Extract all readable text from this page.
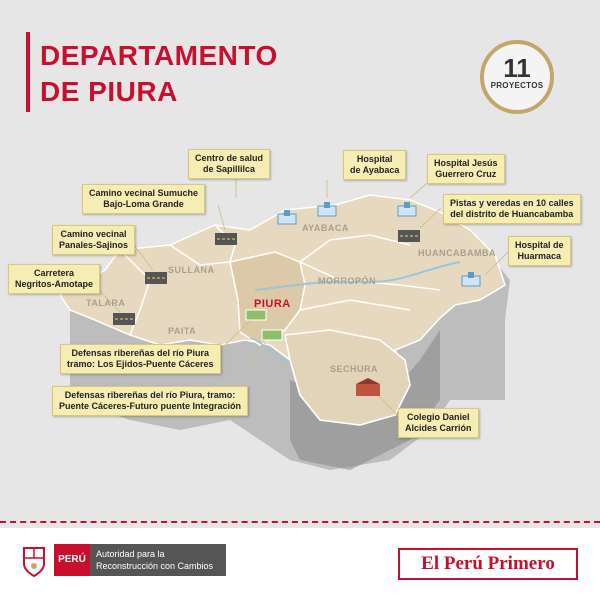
DEPARTAMENTO
DE PIURA
11
PROYECTOS
SULLANA
AYABACA
HUANCABAMBA
MORROPÓN
PIURA
TALARA
PAITA
SECHURA
Centro de salud
de Sapillilca
Hospital
de Ayabaca
Hospital Jesús
Guerrero Cruz
Pistas y veredas en 10 calles
del distrito de Huancabamba
Hospital de
Huarmaca
Camino vecinal Sumuche
Bajo-Loma Grande
Camino vecinal
Panales-Sajinos
Carretera
Negritos-Amotape
Defensas ribereñas del río Piura
tramo: Los Ejidos-Puente Cáceres
Defensas ribereñas del río Piura, tramo:
Puente Cáceres-Futuro puente Integración
Colegio Daniel
Alcides Carrión
PERÚ	Autoridad para la
Reconstrucción con Cambios	El Perú Primero
